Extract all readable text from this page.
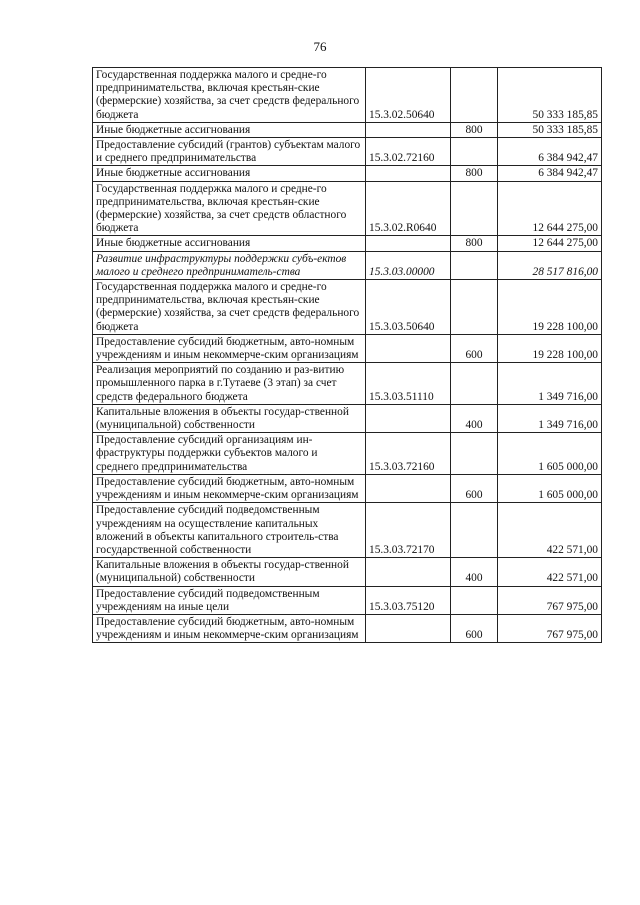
76
Государственная поддержка малого и средне-го предпринимательства, включая крестьян-ские (фермерские) хозяйства, за счет средств федерального бюджета	15.3.02.50640		50 333 185,85
Иные бюджетные ассигнования		800	50 333 185,85
Предоставление субсидий (грантов) субъектам малого и среднего предпринимательства	15.3.02.72160		6 384 942,47
Иные бюджетные ассигнования		800	6 384 942,47
Государственная поддержка малого и средне-го предпринимательства, включая крестьян-ские (фермерские) хозяйства, за счет средств областного бюджета	15.3.02.R0640		12 644 275,00
Иные бюджетные ассигнования		800	12 644 275,00
Развитие инфраструктуры поддержки субъ-ектов малого и среднего предприниматель-ства	15.3.03.00000		28 517 816,00
Государственная поддержка малого и средне-го предпринимательства, включая крестьян-ские (фермерские) хозяйства, за счет средств федерального бюджета	15.3.03.50640		19 228 100,00
Предоставление субсидий бюджетным, авто-номным учреждениям и иным некоммерче-ским организациям		600	19 228 100,00
Реализация мероприятий по созданию и раз-витию промышленного парка в г.Тутаеве (3 этап) за счет средств федерального бюджета	15.3.03.51110		1 349 716,00
Капитальные вложения в объекты государ-ственной (муниципальной) собственности		400	1 349 716,00
Предоставление субсидий организациям ин-фраструктуры поддержки субъектов малого и среднего предпринимательства	15.3.03.72160		1 605 000,00
Предоставление субсидий бюджетным, авто-номным учреждениям и иным некоммерче-ским организациям		600	1 605 000,00
Предоставление субсидий подведомственным учреждениям на осуществление капитальных вложений в объекты капитального строитель-ства государственной собственности	15.3.03.72170		422 571,00
Капитальные вложения в объекты государ-ственной (муниципальной) собственности		400	422 571,00
Предоставление субсидий подведомственным учреждениям на иные цели	15.3.03.75120		767 975,00
Предоставление субсидий бюджетным, авто-номным учреждениям и иным некоммерче-ским организациям		600	767 975,00
